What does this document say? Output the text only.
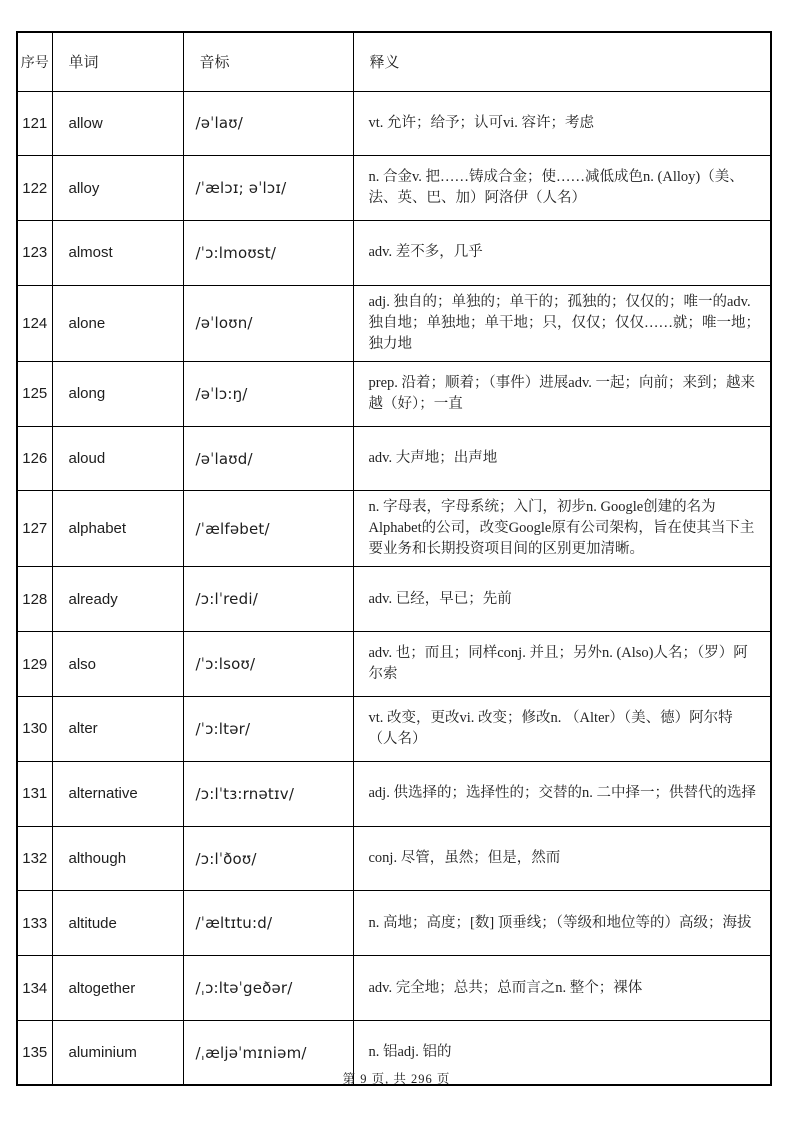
序号	单词	音标	释义
121	allow	/əˈlaʊ/	vt. 允许；给予；认可vi. 容许；考虑
122	alloy	/ˈælɔɪ; əˈlɔɪ/	n. 合金v. 把……铸成合金；使……减低成色n. (Alloy)（美、法、英、巴、加）阿洛伊（人名）
123	almost	/ˈɔ:lmoʊst/	adv. 差不多，几乎
124	alone	/əˈloʊn/	adj. 独自的；单独的；单干的；孤独的；仅仅的；唯一的adv. 独自地；单独地；单干地；只，仅仅；仅仅……就；唯一地；独力地
125	along	/əˈlɔ:ŋ/	prep. 沿着；顺着；（事件）进展adv. 一起；向前；来到；越来越（好）；一直
126	aloud	/əˈlaʊd/	adv. 大声地；出声地
127	alphabet	/ˈælfəbet/	n. 字母表，字母系统；入门，初步n. Google创建的名为Alphabet的公司，改变Google原有公司架构，旨在使其当下主要业务和长期投资项目间的区别更加清晰。
128	already	/ɔ:lˈredi/	adv. 已经，早已；先前
129	also	/ˈɔ:lsoʊ/	adv. 也；而且；同样conj. 并且；另外n. (Also)人名；（罗）阿尔索
130	alter	/ˈɔ:ltər/	vt. 改变，更改vi. 改变；修改n. （Alter）（美、德）阿尔特（人名）
131	alternative	/ɔ:lˈtɜ:rnətɪv/	adj. 供选择的；选择性的；交替的n. 二中择一；供替代的选择
132	although	/ɔ:lˈðoʊ/	conj. 尽管，虽然；但是，然而
133	altitude	/ˈæltɪtu:d/	n. 高地；高度；[数] 顶垂线；（等级和地位等的）高级；海拔
134	altogether	/ˌɔ:ltəˈgeðər/	adv. 完全地；总共；总而言之n. 整个；裸体
135	aluminium	/ˌæljəˈmɪniəm/	n. 铝adj. 铝的
第 9 页, 共 296 页
